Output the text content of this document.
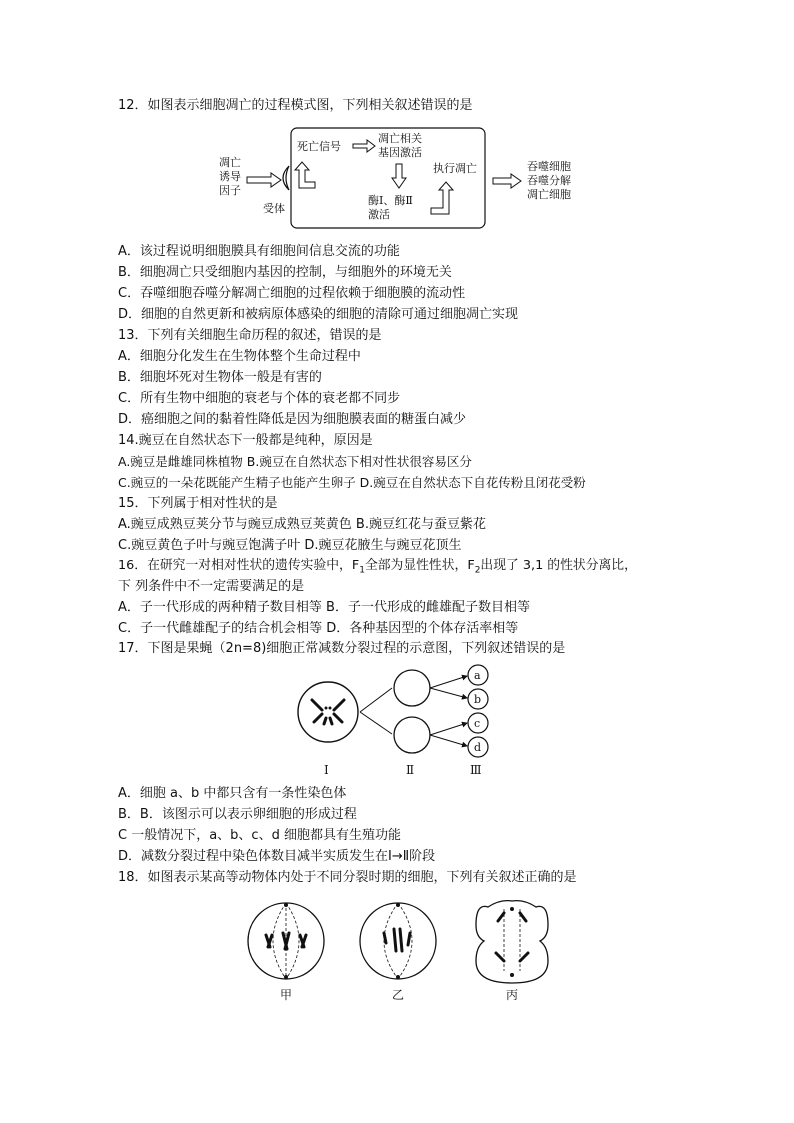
12．如图表示细胞凋亡的过程模式图，下列相关叙述错误的是
凋亡
诱导
因子
受体
死亡信号
凋亡相关
基因激活
酶Ⅰ、酶Ⅱ
激活
执行凋亡	吞噬细胞
吞噬分解
凋亡细胞
A．该过程说明细胞膜具有细胞间信息交流的功能
B．细胞凋亡只受细胞内基因的控制，与细胞外的环境无关
C．吞噬细胞吞噬分解凋亡细胞的过程依赖于细胞膜的流动性
D．细胞的自然更新和被病原体感染的细胞的清除可通过细胞凋亡实现
13．下列有关细胞生命历程的叙述，错误的是
A．细胞分化发生在生物体整个生命过程中
B．细胞坏死对生物体一般是有害的
C．所有生物中细胞的衰老与个体的衰老都不同步
D．癌细胞之间的黏着性降低是因为细胞膜表面的糖蛋白减少
14.豌豆在自然状态下一般都是纯种，原因是
A.豌豆是雌雄同株植物 B.豌豆在自然状态下相对性状很容易区分
C.豌豆的一朵花既能产生精子也能产生卵子 D.豌豆在自然状态下自花传粉且闭花受粉
15．下列属于相对性状的是
A.豌豆成熟豆荚分节与豌豆成熟豆荚黄色 B.豌豆红花与蚕豆紫花
C.豌豆黄色子叶与豌豆饱满子叶 D.豌豆花腋生与豌豆花顶生
16．在研究一对相对性状的遗传实验中，$F_1$全部为显性性状，$F_2$出现了 3,1 的性状分离比，
下 列条件中不一定需要满足的是
A．子一代形成的两种精子数目相等 B．子一代形成的雌雄配子数目相等
C．子一代雌雄配子的结合机会相等 D．各种基因型的个体存活率相等
17．下图是果蝇（2n=8)细胞正常减数分裂过程的示意图，下列叙述错误的是
a
b
c
d
Ⅰ	Ⅱ	Ⅲ
A．细胞 a、b 中都只含有一条性染色体
B．B．该图示可以表示卵细胞的形成过程
C 一般情况下，a、b、c、d 细胞都具有生殖功能
D．减数分裂过程中染色体数目减半实质发生在Ⅰ→Ⅱ阶段
18．如图表示某高等动物体内处于不同分裂时期的细胞，下列有关叙述正确的是
甲	乙	丙
